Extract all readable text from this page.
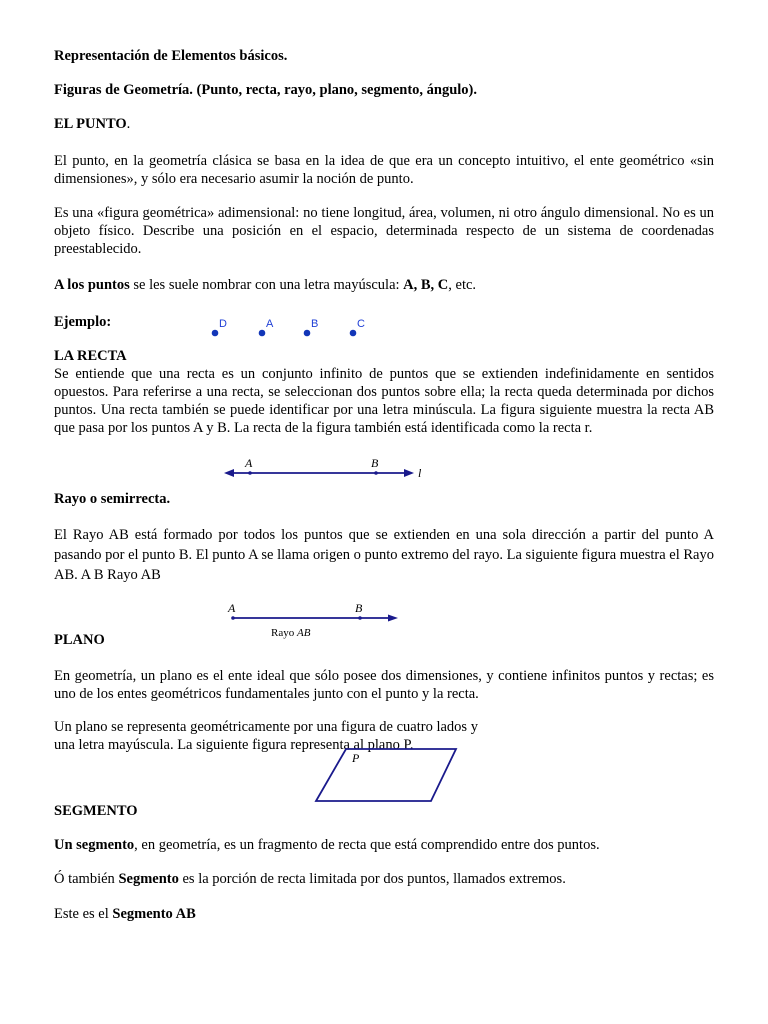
Representación de Elementos básicos.

Figuras de Geometría. (Punto, recta, rayo, plano, segmento, ángulo).

EL PUNTO.

El punto, en la geometría clásica se basa en la idea de que era un concepto intuitivo, el ente geométrico «sin dimensiones», y sólo era necesario asumir la noción de punto.

Es una «figura geométrica» adimensional: no tiene longitud, área, volumen, ni otro ángulo dimensional. No es un objeto físico. Describe una posición en el espacio, determinada respecto de un sistema de coordenadas preestablecido.

A los puntos se les suele nombrar con una letra mayúscula: A, B, C, etc.

Ejemplo:	D	A	B	C

LA RECTA

Se entiende que una recta es un conjunto infinito de puntos que se extienden indefinidamente en sentidos opuestos. Para referirse a una recta, se seleccionan dos puntos sobre ella; la recta queda determinada por dichos puntos. Una recta también se puede identificar por una letra minúscula. La figura siguiente muestra la recta AB que pasa por los puntos A y B. La recta de la figura también está identificada como la recta r.

A	B
l

Rayo o semirrecta.

El Rayo AB está formado por todos los puntos que se extienden en una sola dirección a partir del punto A pasando por el punto B. El punto A se llama origen o punto extremo del rayo. La siguiente figura muestra el Rayo AB. A B Rayo AB

A	B
Rayo AB

PLANO

En geometría, un plano es el ente ideal que sólo posee dos dimensiones, y contiene infinitos puntos y rectas; es uno de los entes geométricos fundamentales junto con el punto y la recta.

Un plano se representa geométricamente por una figura de cuatro lados y una letra mayúscula. La siguiente figura representa al plano P.

P

SEGMENTO

Un segmento, en geometría, es un fragmento de recta que está comprendido entre dos puntos.

Ó también Segmento es la porción de recta limitada por dos puntos, llamados extremos.

Este es el Segmento AB
